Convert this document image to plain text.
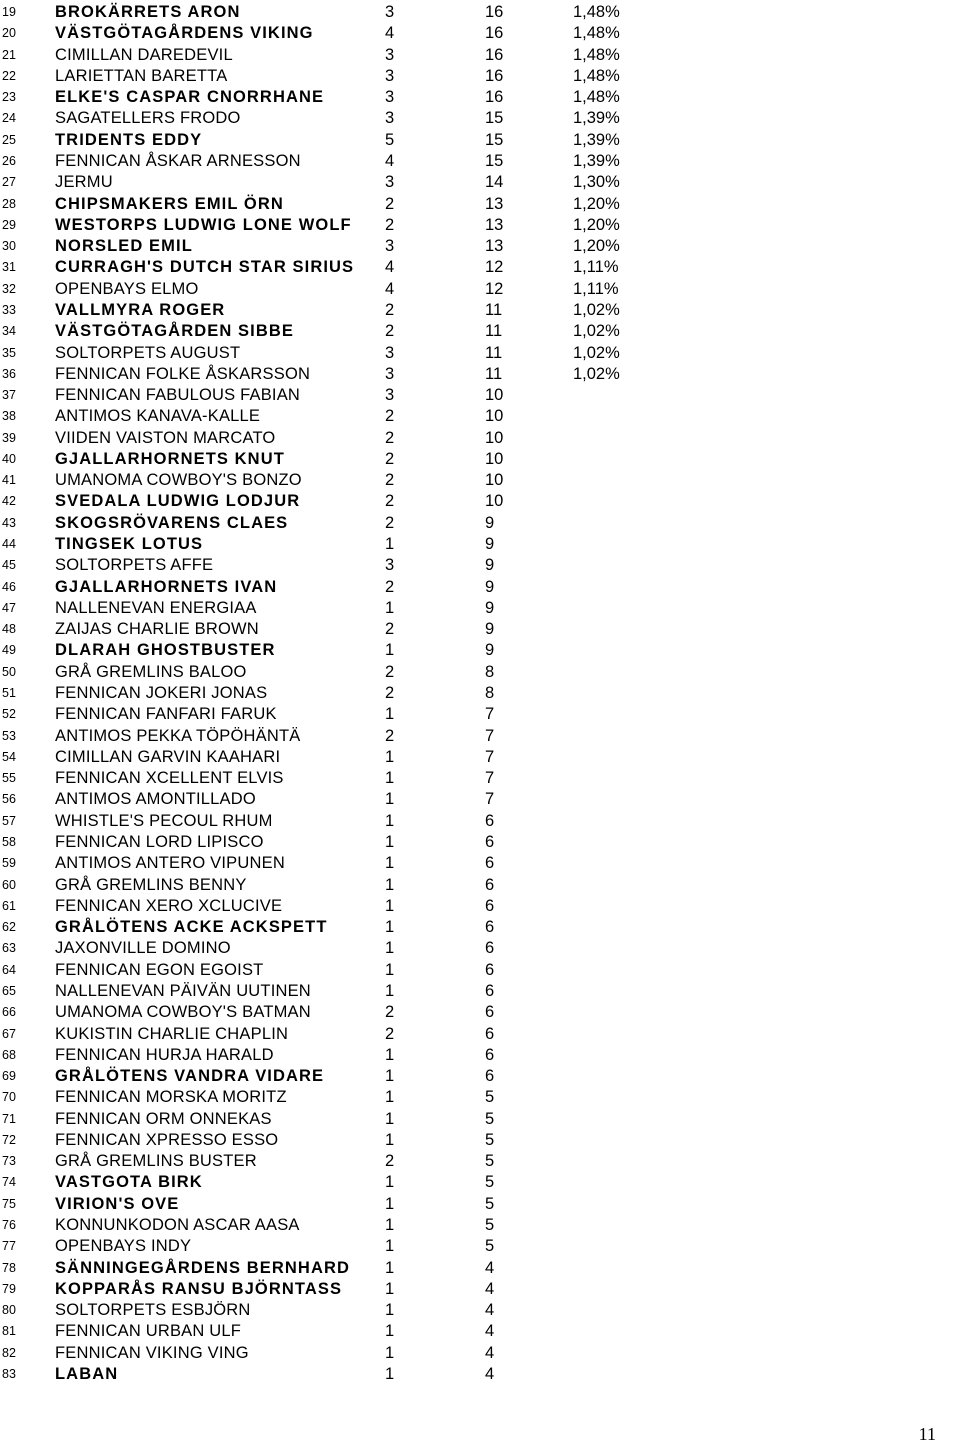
19 BROKÄRRETS ARON	3	16	1,48%
20 VÄSTGÖTAGÅRDENS VIKING	4	16	1,48%
21 CIMILLAN DAREDEVIL	3	16	1,48%
22 LARIETTAN BARETTA	3	16	1,48%
23 ELKE'S CASPAR CNORRHANE	3	16	1,48%
24 SAGATELLERS FRODO	3	15	1,39%
25 TRIDENTS EDDY	5	15	1,39%
26 FENNICAN ÅSKAR ARNESSON	4	15	1,39%
27 JERMU	3	14	1,30%
28 CHIPSMAKERS EMIL ÖRN	2	13	1,20%
29 WESTORPS LUDWIG LONE WOLF 2	13	1,20%
30 NORSLED EMIL	3	13	1,20%
31 CURRAGH'S DUTCH STAR SIRIUS 4	12	1,11%
32 OPENBAYS ELMO	4	12	1,11%
33 VALLMYRA ROGER	2	11	1,02%
34 VÄSTGÖTAGÅRDEN SIBBE	2	11	1,02%
35 SOLTORPETS AUGUST	3	11	1,02%
36 FENNICAN FOLKE ÅSKARSSON	3	11	1,02%
37 FENNICAN FABULOUS FABIAN	3	10
38 ANTIMOS KANAVA-KALLE	2	10
39 VIIDEN VAISTON MARCATO	2	10
40 GJALLARHORNETS KNUT	2	10
41 UMANOMA COWBOY'S BONZO	2	10
42 SVEDALA LUDWIG LODJUR	2	10
43 SKOGSRÖVARENS CLAES	2	9
44 TINGSEK LOTUS	1	9
45 SOLTORPETS AFFE	3	9
46 GJALLARHORNETS IVAN	2	9
47 NALLENEVAN ENERGIAA	1	9
48 ZAIJAS CHARLIE BROWN	2	9
49 DLARAH GHOSTBUSTER	1	9
50 GRÅ GREMLINS BALOO	2	8
51 FENNICAN JOKERI JONAS	2	8
52 FENNICAN FANFARI FARUK	1	7
53 ANTIMOS PEKKA TÖPÖHÄNTÄ	2	7
54 CIMILLAN GARVIN KAAHARI	1	7
55 FENNICAN XCELLENT ELVIS	1	7
56 ANTIMOS AMONTILLADO	1	7
57 WHISTLE'S PECOUL RHUM	1	6
58 FENNICAN LORD LIPISCO	1	6
59 ANTIMOS ANTERO VIPUNEN	1	6
60 GRÅ GREMLINS BENNY	1	6
61 FENNICAN XERO XCLUCIVE	1	6
62 GRÅLÖTENS ACKE ACKSPETT	1	6
63 JAXONVILLE DOMINO	1	6
64 FENNICAN EGON EGOIST	1	6
65 NALLENEVAN PÄIVÄN UUTINEN	1	6
66 UMANOMA COWBOY'S BATMAN	2	6
67 KUKISTIN CHARLIE CHAPLIN	2	6
68 FENNICAN HURJA HARALD	1	6
69 GRÅLÖTENS VANDRA VIDARE	1	6
70 FENNICAN MORSKA MORITZ	1	5
71 FENNICAN ORM ONNEKAS	1	5
72 FENNICAN XPRESSO ESSO	1	5
73 GRÅ GREMLINS BUSTER	2	5
74 VASTGOTA BIRK	1	5
75 VIRION'S OVE	1	5
76 KONNUNKODON ASCAR AASA	1	5
77 OPENBAYS INDY	1	5
78 SÄNNINGEGÅRDENS BERNHARD 1	4
79 KOPPARÅS RANSU BJÖRNTASS	1	4
80 SOLTORPETS ESBJÖRN	1	4
81 FENNICAN URBAN ULF	1	4
82 FENNICAN VIKING VING	1	4
83 LABAN	1	4
11
